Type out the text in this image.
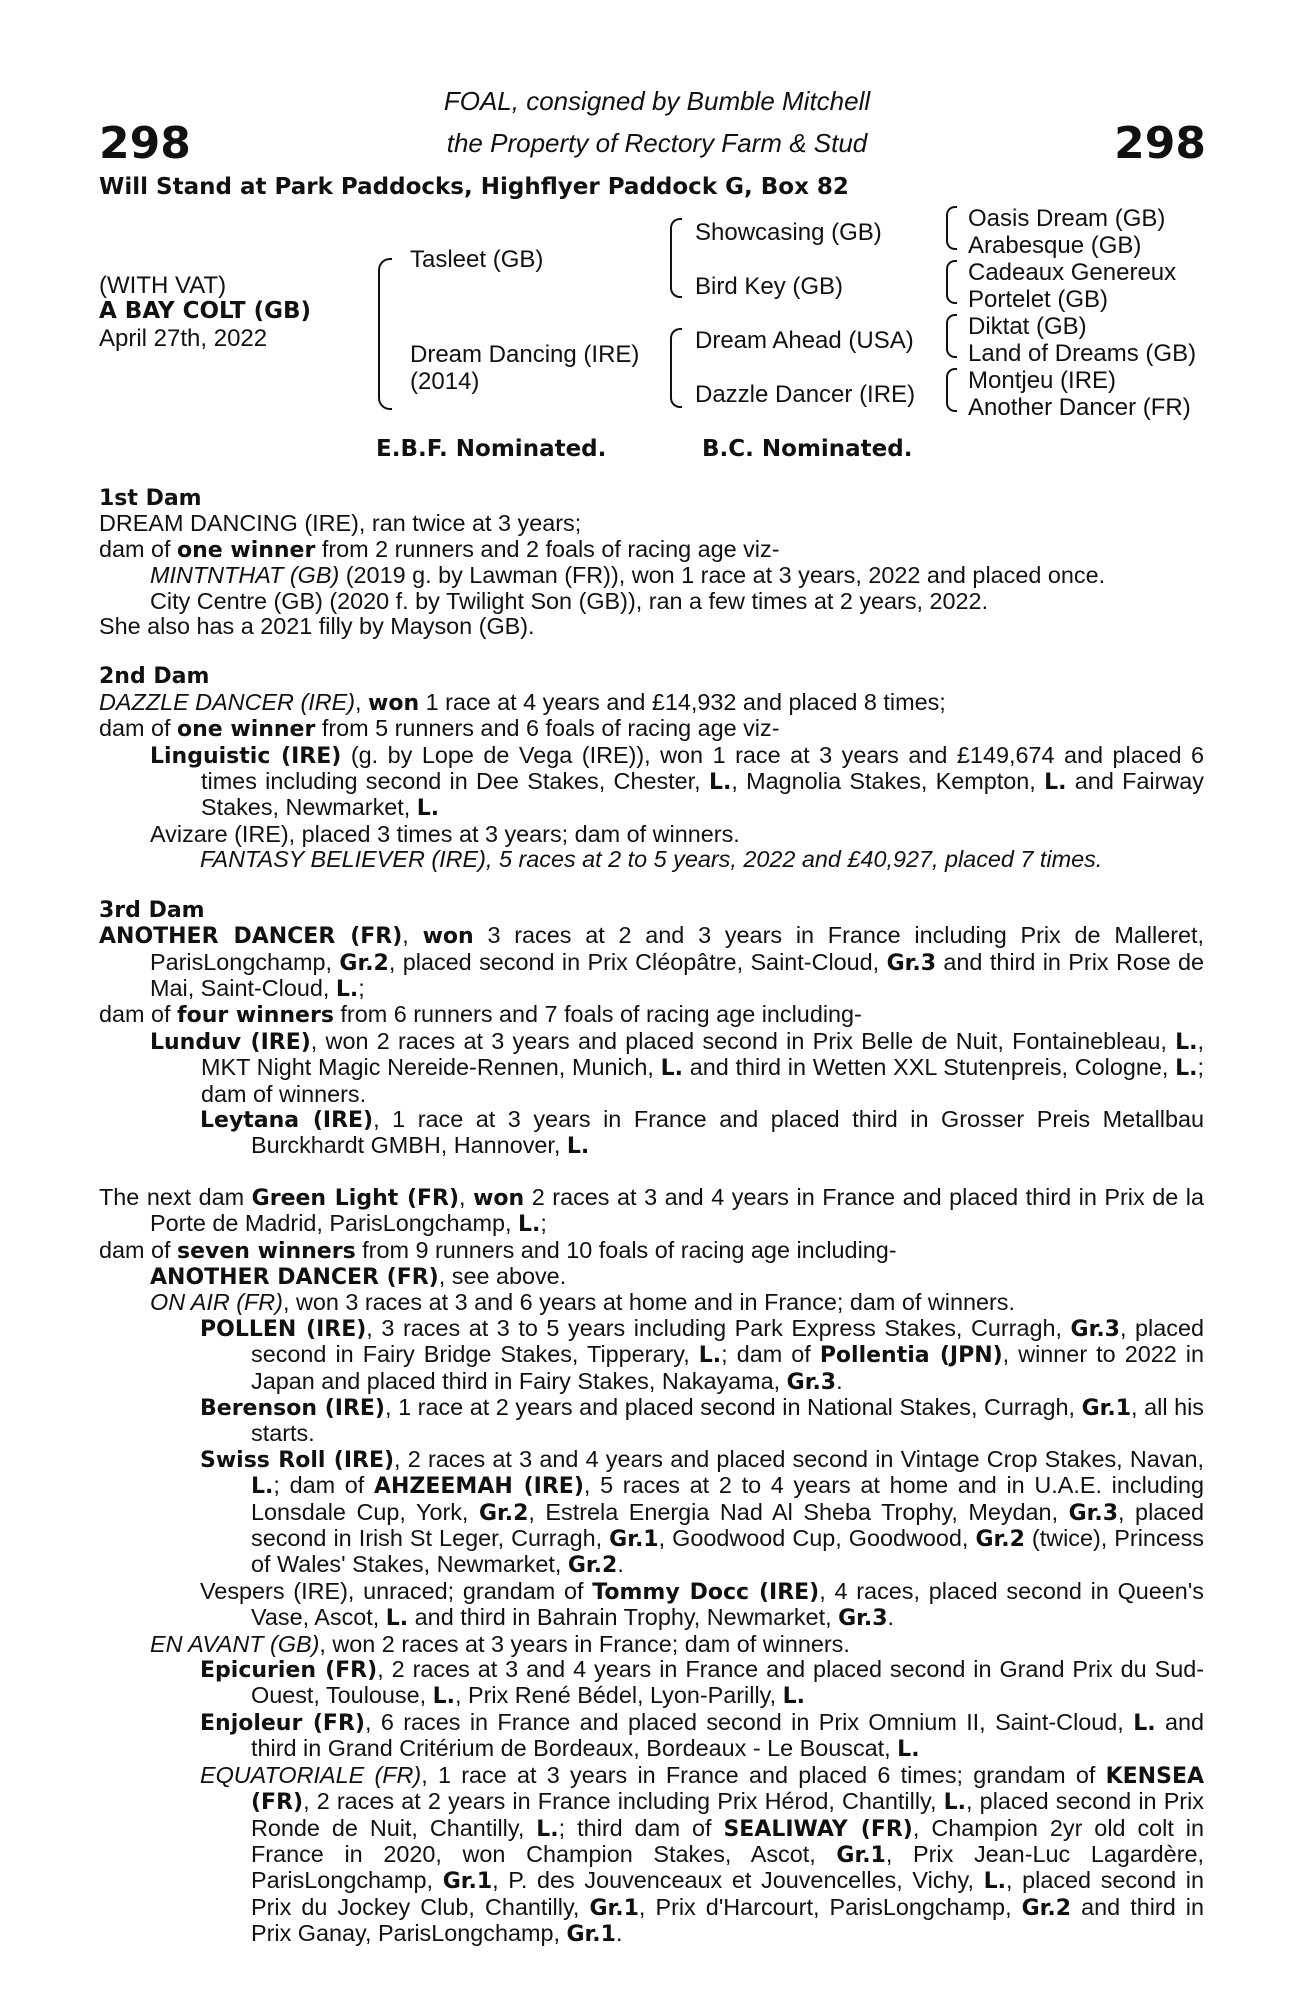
298	298
FOAL, consigned by Bumble Mitchell
the Property of Rectory Farm & Stud
Will Stand at Park Paddocks, Highflyer Paddock G, Box 82
(WITH VAT)
A BAY COLT (GB)
April 27th, 2022
Tasleet (GB)
Dream Dancing (IRE)
(2014)
Showcasing (GB)
Bird Key (GB)
Dream Ahead (USA)
Dazzle Dancer (IRE)
Oasis Dream (GB)
Arabesque (GB)
Cadeaux Genereux
Portelet (GB)
Diktat (GB)
Land of Dreams (GB)
Montjeu (IRE)
Another Dancer (FR)
E.B.F. Nominated.	B.C. Nominated.

1st Dam

DREAM DANCING (IRE), ran twice at 3 years;

dam of one winner from 2 runners and 2 foals of racing age viz-

MINTNTHAT (GB) (2019 g. by Lawman (FR)), won 1 race at 3 years, 2022 and placed once.

City Centre (GB) (2020 f. by Twilight Son (GB)), ran a few times at 2 years, 2022.

She also has a 2021 filly by Mayson (GB).

2nd Dam

DAZZLE DANCER (IRE), won 1 race at 4 years and £14,932 and placed 8 times;

dam of one winner from 5 runners and 6 foals of racing age viz-

Linguistic (IRE) (g. by Lope de Vega (IRE)), won 1 race at 3 years and £149,674 and placed 6 times including second in Dee Stakes, Chester, L., Magnolia Stakes, Kempton, L. and Fairway Stakes, Newmarket, L.

Avizare (IRE), placed 3 times at 3 years; dam of winners.

FANTASY BELIEVER (IRE), 5 races at 2 to 5 years, 2022 and £40,927, placed 7 times.

3rd Dam

ANOTHER DANCER (FR), won 3 races at 2 and 3 years in France including Prix de Malleret, ParisLongchamp, Gr.2, placed second in Prix Cléopâtre, Saint-Cloud, Gr.3 and third in Prix Rose de Mai, Saint-Cloud, L.;

dam of four winners from 6 runners and 7 foals of racing age including-

Lunduv (IRE), won 2 races at 3 years and placed second in Prix Belle de Nuit, Fontainebleau, L., MKT Night Magic Nereide-Rennen, Munich, L. and third in Wetten XXL Stutenpreis, Cologne, L.; dam of winners.

Leytana (IRE), 1 race at 3 years in France and placed third in Grosser Preis Metallbau Burckhardt GMBH, Hannover, L.

The next dam Green Light (FR), won 2 races at 3 and 4 years in France and placed third in Prix de la Porte de Madrid, ParisLongchamp, L.;

dam of seven winners from 9 runners and 10 foals of racing age including-

ANOTHER DANCER (FR), see above.

ON AIR (FR), won 3 races at 3 and 6 years at home and in France; dam of winners.

POLLEN (IRE), 3 races at 3 to 5 years including Park Express Stakes, Curragh, Gr.3, placed second in Fairy Bridge Stakes, Tipperary, L.; dam of Pollentia (JPN), winner to 2022 in Japan and placed third in Fairy Stakes, Nakayama, Gr.3.

Berenson (IRE), 1 race at 2 years and placed second in National Stakes, Curragh, Gr.1, all his starts.

Swiss Roll (IRE), 2 races at 3 and 4 years and placed second in Vintage Crop Stakes, Navan, L.; dam of AHZEEMAH (IRE), 5 races at 2 to 4 years at home and in U.A.E. including Lonsdale Cup, York, Gr.2, Estrela Energia Nad Al Sheba Trophy, Meydan, Gr.3, placed second in Irish St Leger, Curragh, Gr.1, Goodwood Cup, Goodwood, Gr.2 (twice), Princess of Wales' Stakes, Newmarket, Gr.2.

Vespers (IRE), unraced; grandam of Tommy Docc (IRE), 4 races, placed second in Queen's Vase, Ascot, L. and third in Bahrain Trophy, Newmarket, Gr.3.

EN AVANT (GB), won 2 races at 3 years in France; dam of winners.

Epicurien (FR), 2 races at 3 and 4 years in France and placed second in Grand Prix du Sud-Ouest, Toulouse, L., Prix René Bédel, Lyon-Parilly, L.

Enjoleur (FR), 6 races in France and placed second in Prix Omnium II, Saint-Cloud, L. and third in Grand Critérium de Bordeaux, Bordeaux - Le Bouscat, L.

EQUATORIALE (FR), 1 race at 3 years in France and placed 6 times; grandam of KENSEA (FR), 2 races at 2 years in France including Prix Hérod, Chantilly, L., placed second in Prix Ronde de Nuit, Chantilly, L.; third dam of SEALIWAY (FR), Champion 2yr old colt in France in 2020, won Champion Stakes, Ascot, Gr.1, Prix Jean-Luc Lagardère, ParisLongchamp, Gr.1, P. des Jouvenceaux et Jouvencelles, Vichy, L., placed second in Prix du Jockey Club, Chantilly, Gr.1, Prix d'Harcourt, ParisLongchamp, Gr.2 and third in Prix Ganay, ParisLongchamp, Gr.1.
